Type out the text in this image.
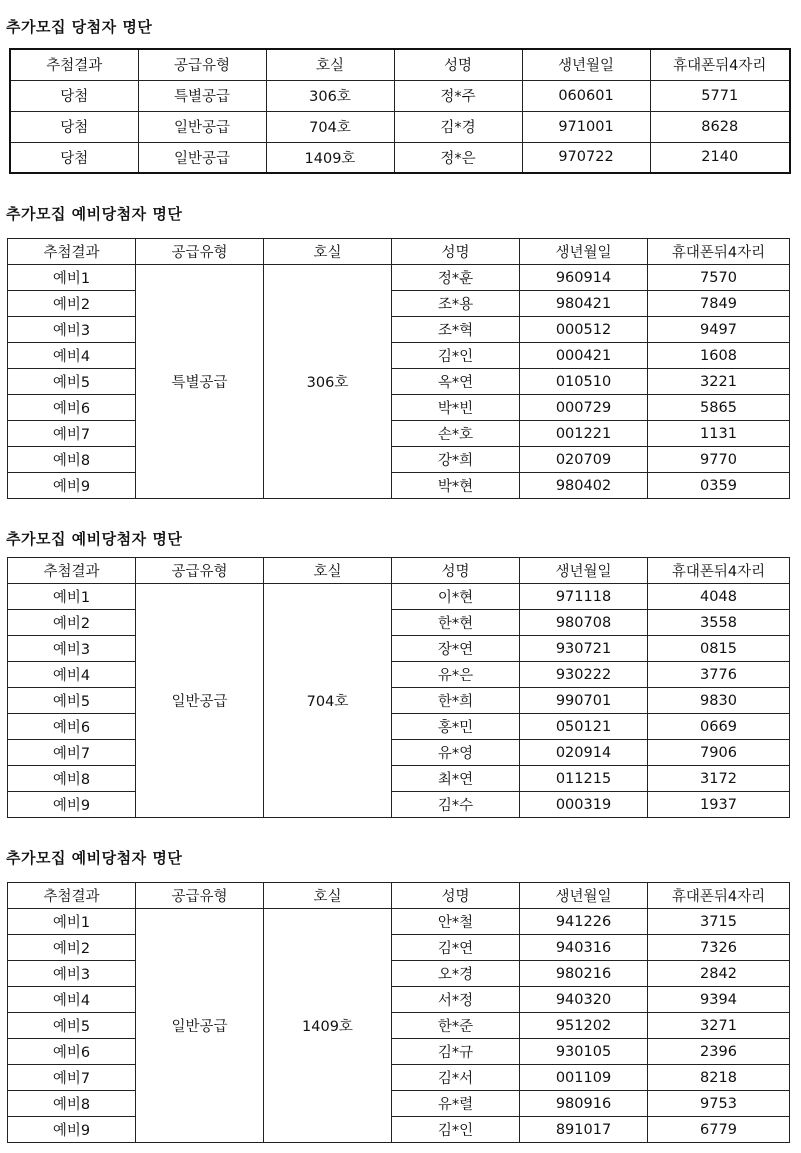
추가모집 당첨자 명단
추첨결과	공급유형	호실	성명	생년월일	휴대폰뒤4자리
당첨	특별공급	306호	정*주	060601	5771
당첨	일반공급	704호	김*경	971001	8628
당첨	일반공급	1409호	정*은	970722	2140
추가모집 예비당첨자 명단
추첨결과	공급유형	호실	성명	생년월일	휴대폰뒤4자리
예비1	특별공급	306호	정*훈	960914	7570
예비2			조*용	980421	7849
예비3			조*혁	000512	9497
예비4			김*인	000421	1608
예비5			옥*연	010510	3221
예비6			박*빈	000729	5865
예비7			손*호	001221	1131
예비8			강*희	020709	9770
예비9			박*현	980402	0359
추가모집 예비당첨자 명단
추첨결과	공급유형	호실	성명	생년월일	휴대폰뒤4자리
예비1	일반공급	704호	이*현	971118	4048
예비2			한*현	980708	3558
예비3			장*연	930721	0815
예비4			유*은	930222	3776
예비5			한*희	990701	9830
예비6			홍*민	050121	0669
예비7			유*영	020914	7906
예비8			최*연	011215	3172
예비9			김*수	000319	1937
추가모집 예비당첨자 명단
추첨결과	공급유형	호실	성명	생년월일	휴대폰뒤4자리
예비1	일반공급	1409호	안*철	941226	3715
예비2			김*연	940316	7326
예비3			오*경	980216	2842
예비4			서*정	940320	9394
예비5			한*준	951202	3271
예비6			김*규	930105	2396
예비7			김*서	001109	8218
예비8			유*렬	980916	9753
예비9			김*인	891017	6779
